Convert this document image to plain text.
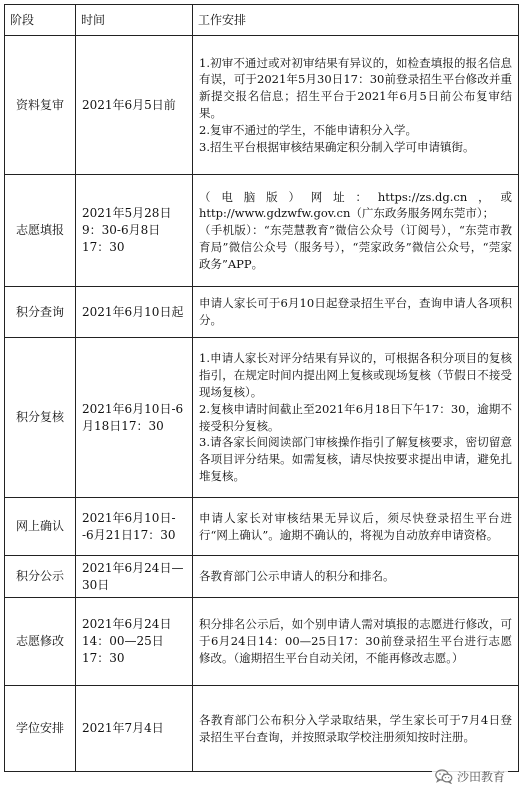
阶段	时间	工作安排
资料复审	2021年6月5日前	1.初审不通过或对初审结果有异议的，如检查填报的报名信息有误，可于2021年5月30日17：30前登录招生平台修改并重新提交报名信息；招生平台于2021年6月5日前公布复审结果。
2.复审不通过的学生，不能申请积分入学。
3.招生平台根据审核结果确定积分制入学可申请镇街。

志愿填报	2021年5月28日9：30-6月8日17：30	（电脑版）网址：https://zs.dg.cn，或http://www.gdzwfw.gov.cn（广东政务服务网东莞市）；
（手机版）：“东莞慧教育”微信公众号（订阅号），“东莞市教育局”微信公众号（服务号），“莞家政务”微信公众号，“莞家政务”APP。

积分查询	2021年6月10日起	申请人家长可于6月10日起登录招生平台，查询申请人各项积分。

积分复核	2021年6月10日-6月18日17：30	1.申请人家长对评分结果有异议的，可根据各积分项目的复核指引，在规定时间内提出网上复核或现场复核（节假日不接受现场复核）。
2.复核申请时间截止至2021年6月18日下午17：30，逾期不接受积分复核。
3.请各家长间阅读部门审核操作指引了解复核要求，密切留意各项目评分结果。如需复核，请尽快按要求提出申请，避免扎堆复核。

网上确认	2021年6月10日--6月21日17：30	申请人家长对审核结果无异议后，须尽快登录招生平台进行“网上确认”。逾期不确认的，将视为自动放弃申请资格。

积分公示	2021年6月24日—30日	各教育部门公示申请人的积分和排名。

志愿修改	2021年6月24日14：00—25日17：30	积分排名公示后，如个别申请人需对填报的志愿进行修改，可于6月24日14：00—25日17：30前登录招生平台进行志愿修改。（逾期招生平台自动关闭，不能再修改志愿。）

学位安排	2021年7月4日	各教育部门公布积分入学录取结果，学生家长可于7月4日登录招生平台查询，并按照录取学校注册须知按时注册。
沙田教育
